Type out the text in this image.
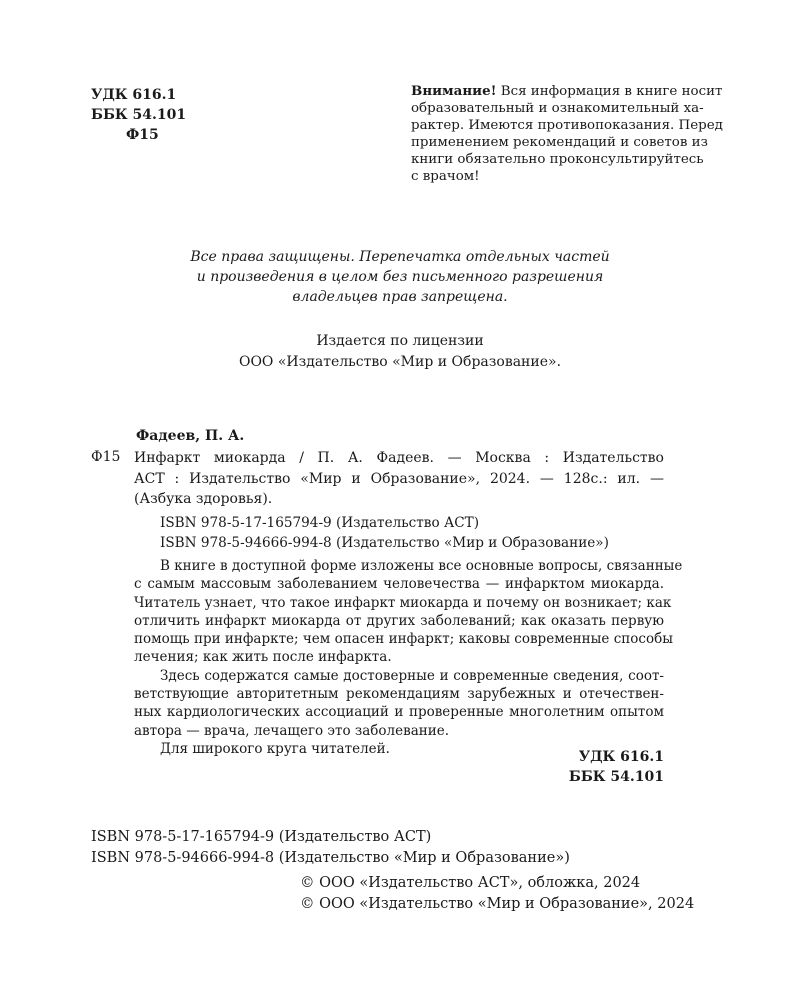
УДК 616.1
ББК 54.101
Ф15
Внимание! Вся информация в книге носит
образовательный и ознакомительный ха-
рактер. Имеются противопоказания. Перед
применением рекомендаций и советов из
книги обязательно проконсультируйтесь
с врачом!
Все права защищены. Перепечатка отдельных частей
и произведения в целом без письменного разрешения
владельцев прав запрещена.
Издается по лицензии
ООО «Издательство «Мир и Образование».
Фадеев, П. А.
Ф15 Инфаркт миокарда / П. А. Фадеев. — Москва : Издательство
АСТ : Издательство «Мир и Образование», 2024. — 128с.: ил. —
(Азбука здоровья).
ISBN 978-5-17-165794-9 (Издательство АСТ)
ISBN 978-5-94666-994-8 (Издательство «Мир и Образование»)
В книге в доступной форме изложены все основные вопросы, связанные
с самым массовым заболеванием человечества — инфарктом миокарда.
Читатель узнает, что такое инфаркт миокарда и почему он возникает; как
отличить инфаркт миокарда от других заболеваний; как оказать первую
помощь при инфаркте; чем опасен инфаркт; каковы современные способы
лечения; как жить после инфаркта.
Здесь содержатся самые достоверные и современные сведения, соот-
ветствующие авторитетным рекомендациям зарубежных и отечествен-
ных кардиологических ассоциаций и проверенные многолетним опытом
автора — врача, лечащего это заболевание.
Для широкого круга читателей.
УДК 616.1
ББК 54.101
ISBN 978-5-17-165794-9 (Издательство АСТ)
ISBN 978-5-94666-994-8 (Издательство «Мир и Образование»)
© ООО «Издательство АСТ», обложка, 2024
© ООО «Издательство «Мир и Образование», 2024
